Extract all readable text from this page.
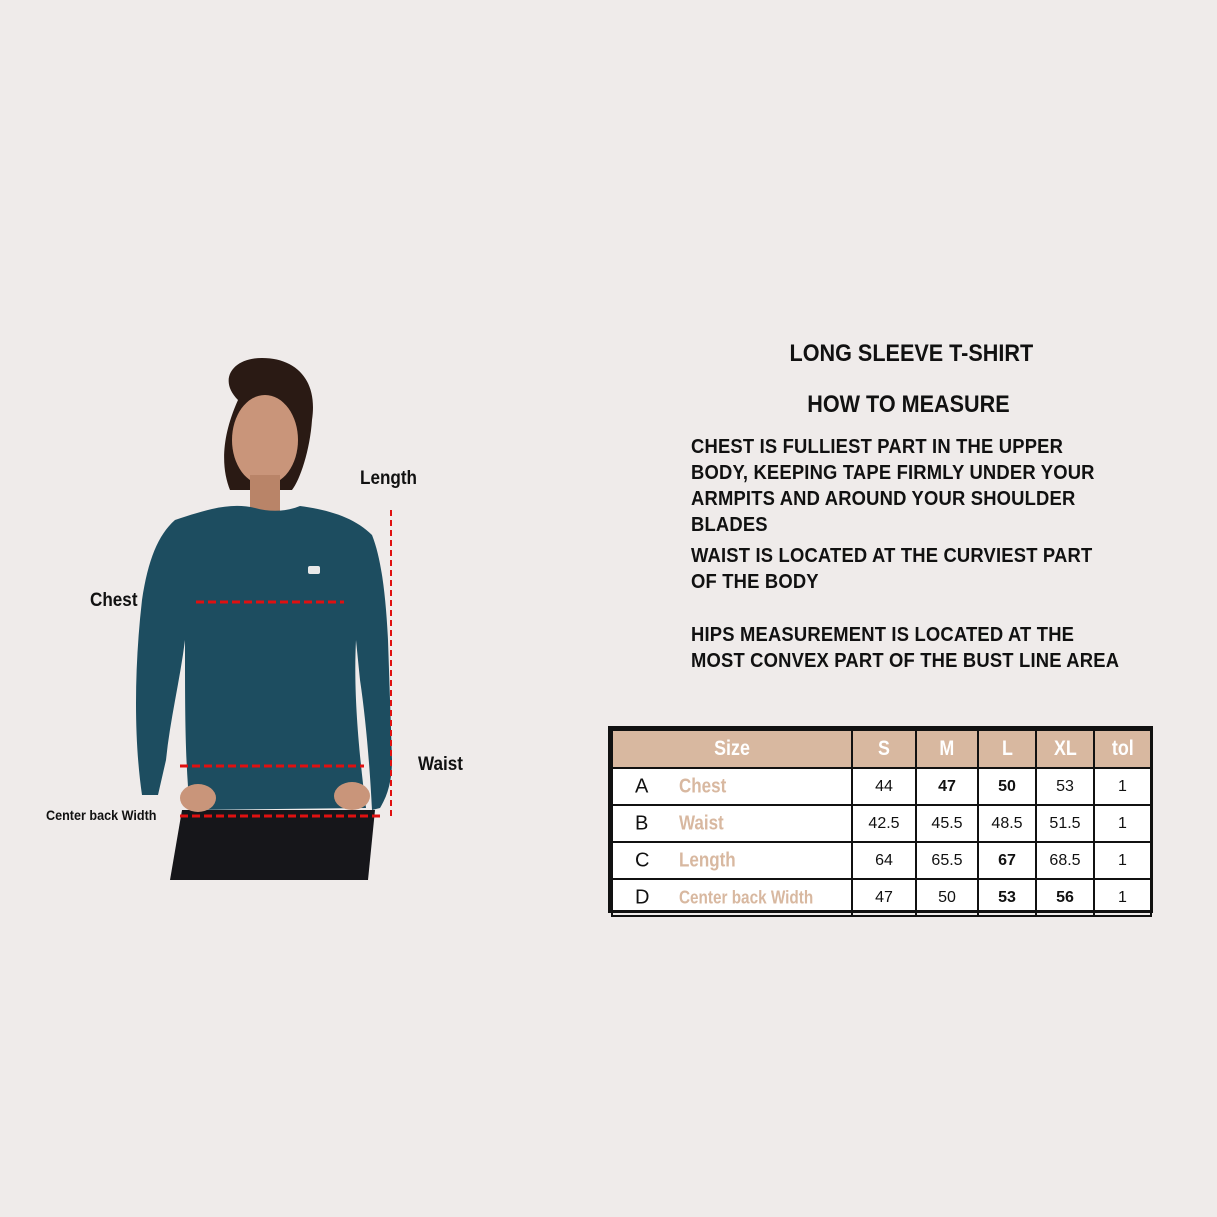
Length
Chest
Waist
Center back Width
LONG SLEEVE T-SHIRT
HOW TO MEASURE
CHEST IS FULLIEST PART IN THE UPPER BODY, KEEPING TAPE FIRMLY UNDER YOUR ARMPITS AND AROUND YOUR SHOULDER BLADES
WAIST IS LOCATED AT THE CURVIEST PART OF THE BODY
HIPS MEASUREMENT IS LOCATED AT THE MOST CONVEX PART OF THE BUST LINE AREA
Size	S	M	L	XL	tol

A Chest	44	47	50	53	1

B Waist	42.5	45.5	48.5	51.5	1

C Length	64	65.5	67	68.5	1

D Center back Width	47	50	53	56	1
